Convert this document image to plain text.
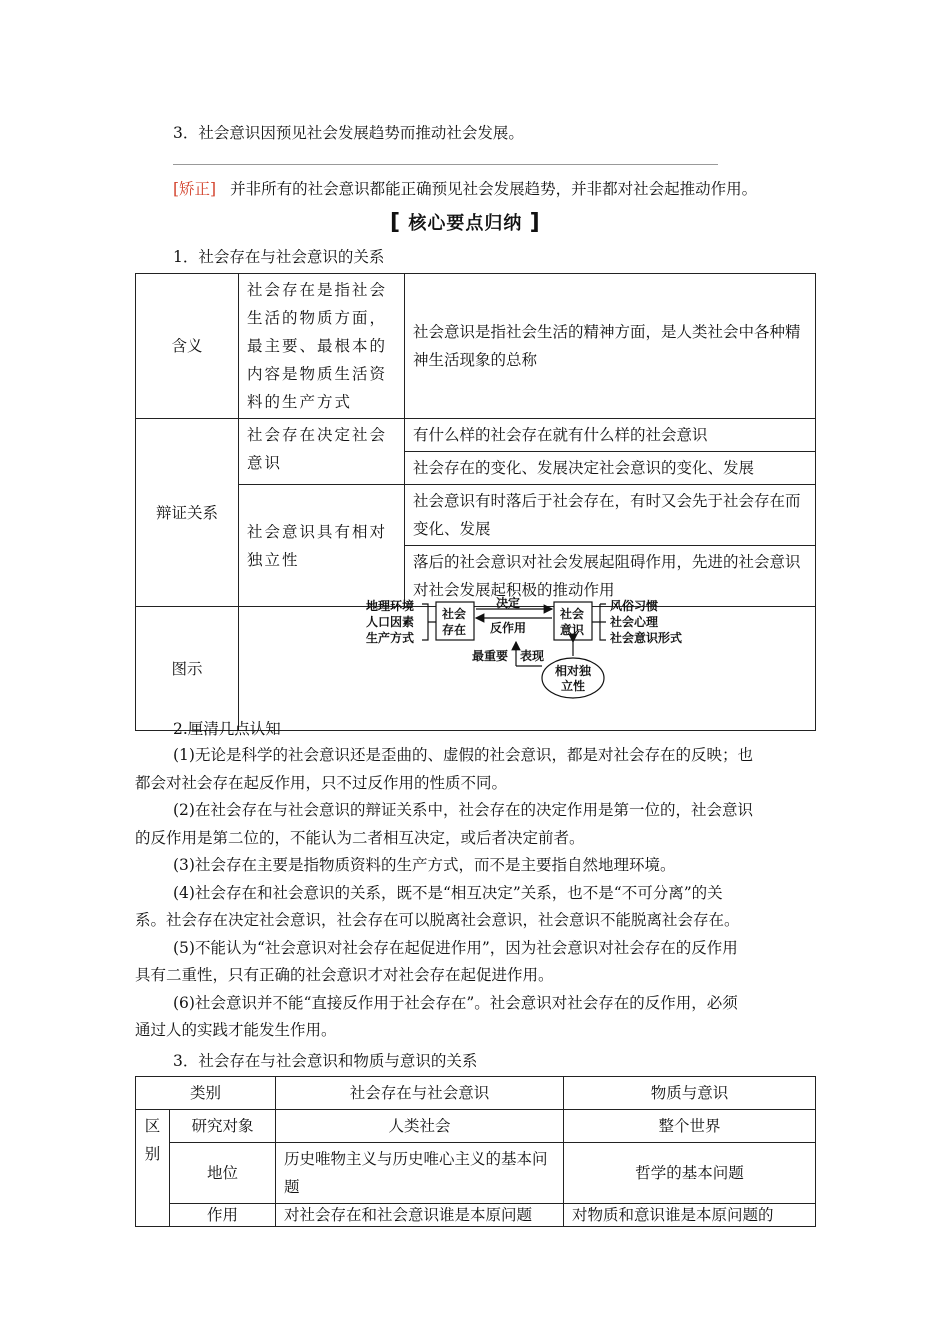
3．社会意识因预见社会发展趋势而推动社会发展。
[矫正] 并非所有的社会意识都能正确预见社会发展趋势，并非都对社会起推动作用。
[ 核心要点归纳 ]
1．社会存在与社会意识的关系
含义	社会存在是指社会生活的物质方面，最主要、最根本的内容是物质生活资料的生产方式	社会意识是指社会生活的精神方面，是人类社会中各种精神生活现象的总称
辩证关系	社会存在决定社会意识	有什么样的社会存在就有什么样的社会意识
		社会存在的变化、发展决定社会意识的变化、发展
	社会意识具有相对独立性	社会意识有时落后于社会存在，有时又会先于社会存在而变化、发展
		落后的社会意识对社会发展起阻碍作用，先进的社会意识对社会发展起积极的推动作用
图示		
地理环境
人口因素
生产方式
社会
存在
决定
反作用
社会
意识
风俗习惯
社会心理
社会意识形式
最重要 表现
相对独
立性
2.厘清几点认知

(1)无论是科学的社会意识还是歪曲的、虚假的社会意识，都是对社会存在的反映；也

都会对社会存在起反作用，只不过反作用的性质不同。

(2)在社会存在与社会意识的辩证关系中，社会存在的决定作用是第一位的，社会意识

的反作用是第二位的，不能认为二者相互决定，或后者决定前者。

(3)社会存在主要是指物质资料的生产方式，而不是主要指自然地理环境。

(4)社会存在和社会意识的关系，既不是“相互决定”关系，也不是“不可分离”的关

系。社会存在决定社会意识，社会存在可以脱离社会意识，社会意识不能脱离社会存在。

(5)不能认为“社会意识对社会存在起促进作用”，因为社会意识对社会存在的反作用

具有二重性，只有正确的社会意识才对社会存在起促进作用。

(6)社会意识并不能“直接反作用于社会存在”。社会意识对社会存在的反作用，必须

通过人的实践才能发生作用。

3．社会存在与社会意识和物质与意识的关系
类别		社会存在与社会意识	物质与意识
区别	研究对象	人类社会	整个世界
	地位	历史唯物主义与历史唯心主义的基本问题	哲学的基本问题
	作用	对社会存在和社会意识谁是本原问题	对物质和意识谁是本原问题的
